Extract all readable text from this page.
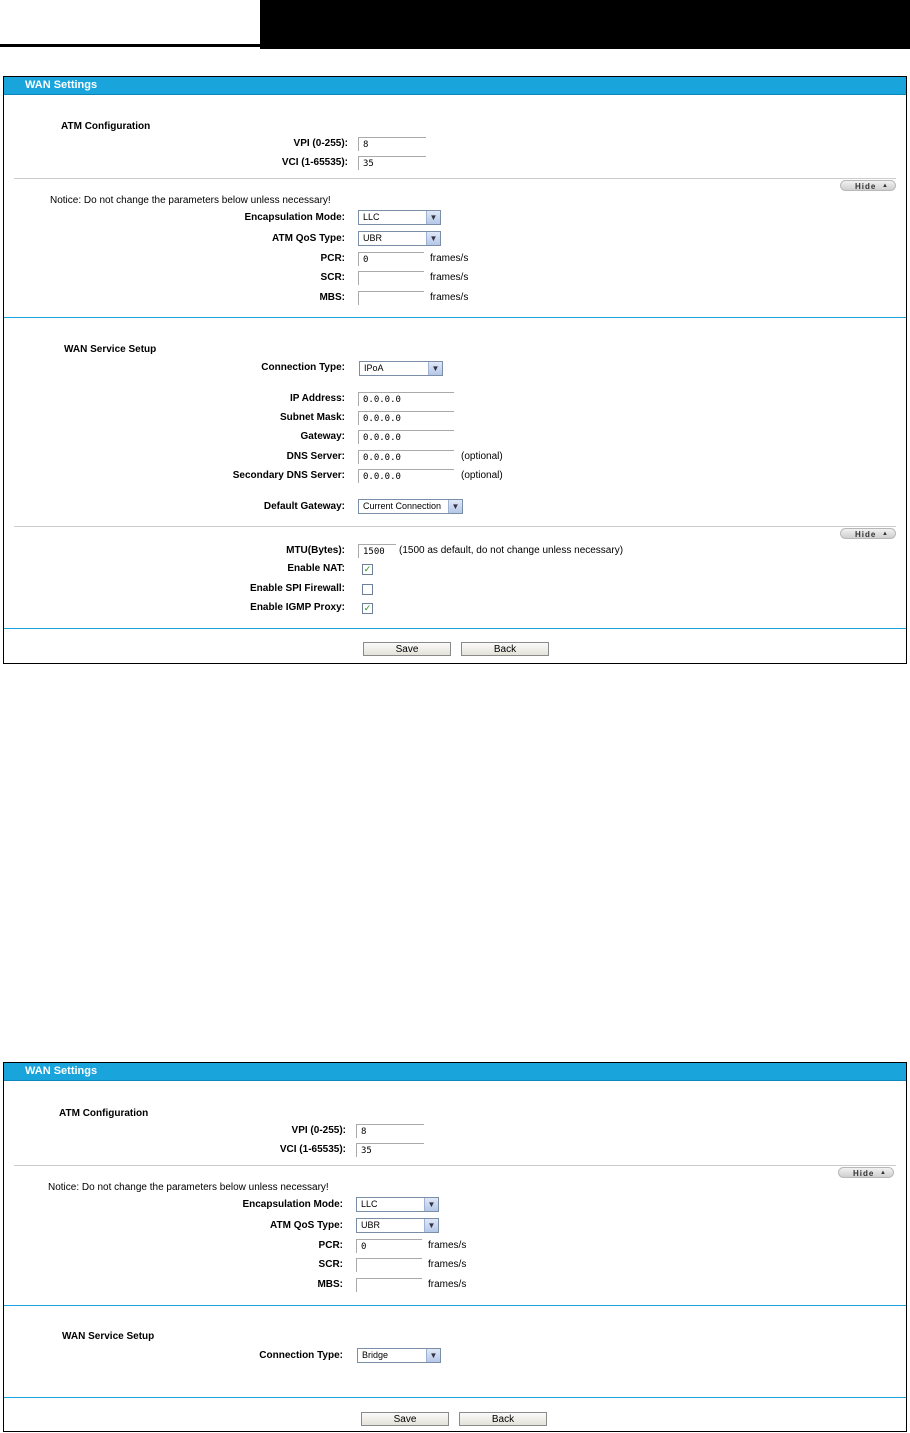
WAN Settings
ATM Configuration
VPI (0-255):
8
VCI (1-65535):
35
Hide ▲
Notice: Do not change the parameters below unless necessary!
Encapsulation Mode:	LLC	▼
ATM QoS Type:	UBR	▼
PCR:
0	frames/s
SCR:	frames/s
MBS:	frames/s
WAN Service Setup
Connection Type:	IPoA	▼
IP Address:
0.0.0.0
Subnet Mask:
0.0.0.0
Gateway:
0.0.0.0
DNS Server:
0.0.0.0	(optional)
Secondary DNS Server:
0.0.0.0	(optional)
Default Gateway:	Current Connection	▼
Hide ▲
MTU(Bytes):
1500	(1500 as default, do not change unless necessary)
Enable NAT: ✓
Enable SPI Firewall:
Enable IGMP Proxy: ✓
Save	Back
WAN Settings
ATM Configuration
VPI (0-255):
8
VCI (1-65535):
35
Hide ▲
Notice: Do not change the parameters below unless necessary!
Encapsulation Mode:	LLC	▼
ATM QoS Type:	UBR	▼
PCR:
0	frames/s
SCR:	frames/s
MBS:	frames/s
WAN Service Setup
Connection Type:	Bridge	▼
Save	Back
